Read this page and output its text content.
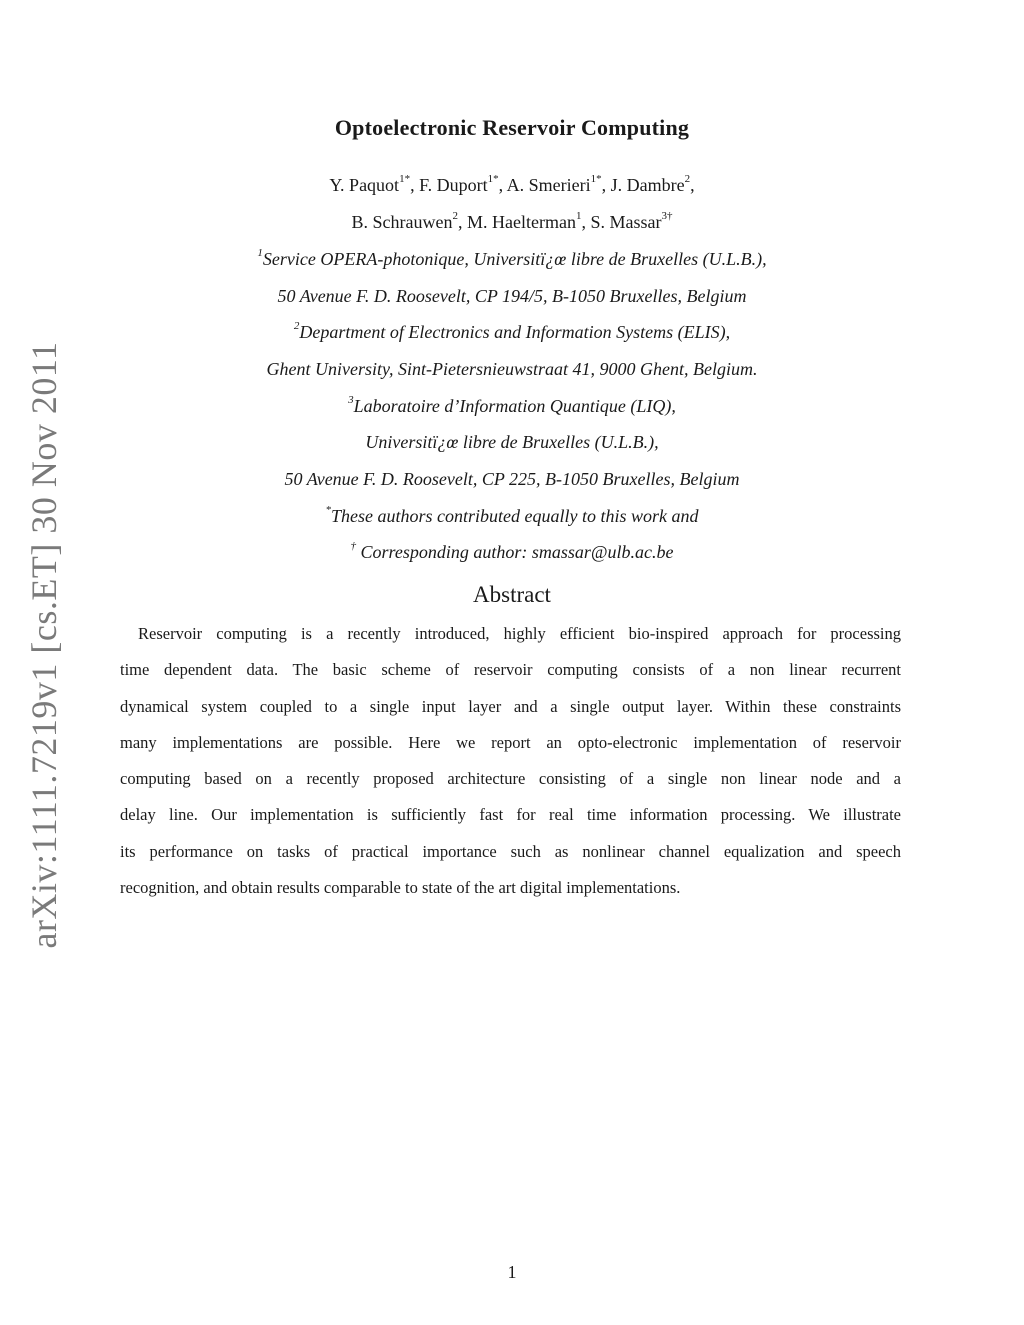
arXiv:1111.7219v1 [cs.ET] 30 Nov 2011
Optoelectronic Reservoir Computing
Y. Paquot$^{1*}$, F. Duport$^{1*}$, A. Smerieri$^{1*}$, J. Dambre$^2$,
B. Schrauwen$^2$, M. Haelterman$^1$, S. Massar$^{3\dagger}$
$^1$Service OPERA-photonique, Universitï¿œ libre de Bruxelles (U.L.B.),
50 Avenue F. D. Roosevelt, CP 194/5, B-1050 Bruxelles, Belgium
$^2$Department of Electronics and Information Systems (ELIS),
Ghent University, Sint-Pietersnieuwstraat 41, 9000 Ghent, Belgium.
$^3$Laboratoire d’Information Quantique (LIQ),
Universitï¿œ libre de Bruxelles (U.L.B.),
50 Avenue F. D. Roosevelt, CP 225, B-1050 Bruxelles, Belgium
*These authors contributed equally to this work and
† Corresponding author: smassar@ulb.ac.be
Abstract
Reservoir computing is a recently introduced, highly efficient bio-inspired approach for processing
time dependent data. The basic scheme of reservoir computing consists of a non linear recurrent
dynamical system coupled to a single input layer and a single output layer. Within these constraints
many implementations are possible. Here we report an opto-electronic implementation of reservoir
computing based on a recently proposed architecture consisting of a single non linear node and a
delay line. Our implementation is sufficiently fast for real time information processing. We illustrate
its performance on tasks of practical importance such as nonlinear channel equalization and speech
recognition, and obtain results comparable to state of the art digital implementations.
1
